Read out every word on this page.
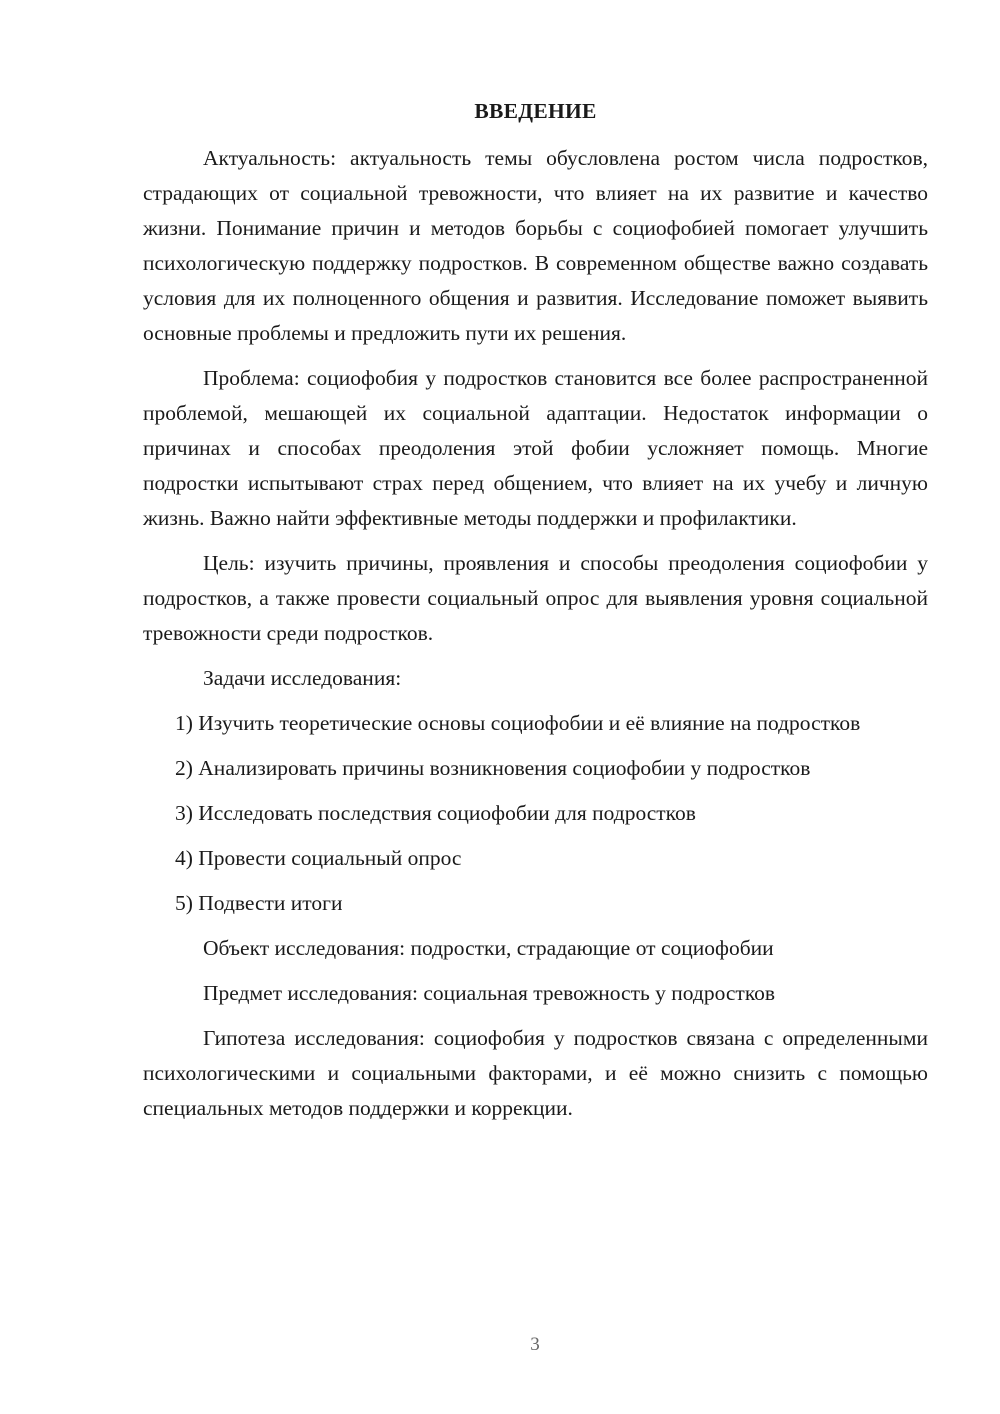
ВВЕДЕНИЕ

Актуальность: актуальность темы обусловлена ростом числа подростков, страдающих от социальной тревожности, что влияет на их развитие и качество жизни. Понимание причин и методов борьбы с социофобией помогает улучшить психологическую поддержку подростков. В современном обществе важно создавать условия для их полноценного общения и развития. Исследование поможет выявить основные проблемы и предложить пути их решения.

Проблема: социофобия у подростков становится все более распространенной проблемой, мешающей их социальной адаптации. Недостаток информации о причинах и способах преодоления этой фобии усложняет помощь. Многие подростки испытывают страх перед общением, что влияет на их учебу и личную жизнь. Важно найти эффективные методы поддержки и профилактики.

Цель: изучить причины, проявления и способы преодоления социофобии у подростков, а также провести социальный опрос для выявления уровня социальной тревожности среди подростков.

Задачи исследования:

1) Изучить теоретические основы социофобии и её влияние на подростков

2) Анализировать причины возникновения социофобии у подростков

3) Исследовать последствия социофобии для подростков

4) Провести социальный опрос

5) Подвести итоги

Объект исследования: подростки, страдающие от социофобии

Предмет исследования: социальная тревожность у подростков

Гипотеза исследования: социофобия у подростков связана с определенными психологическими и социальными факторами, и её можно снизить с помощью специальных методов поддержки и коррекции.

3
